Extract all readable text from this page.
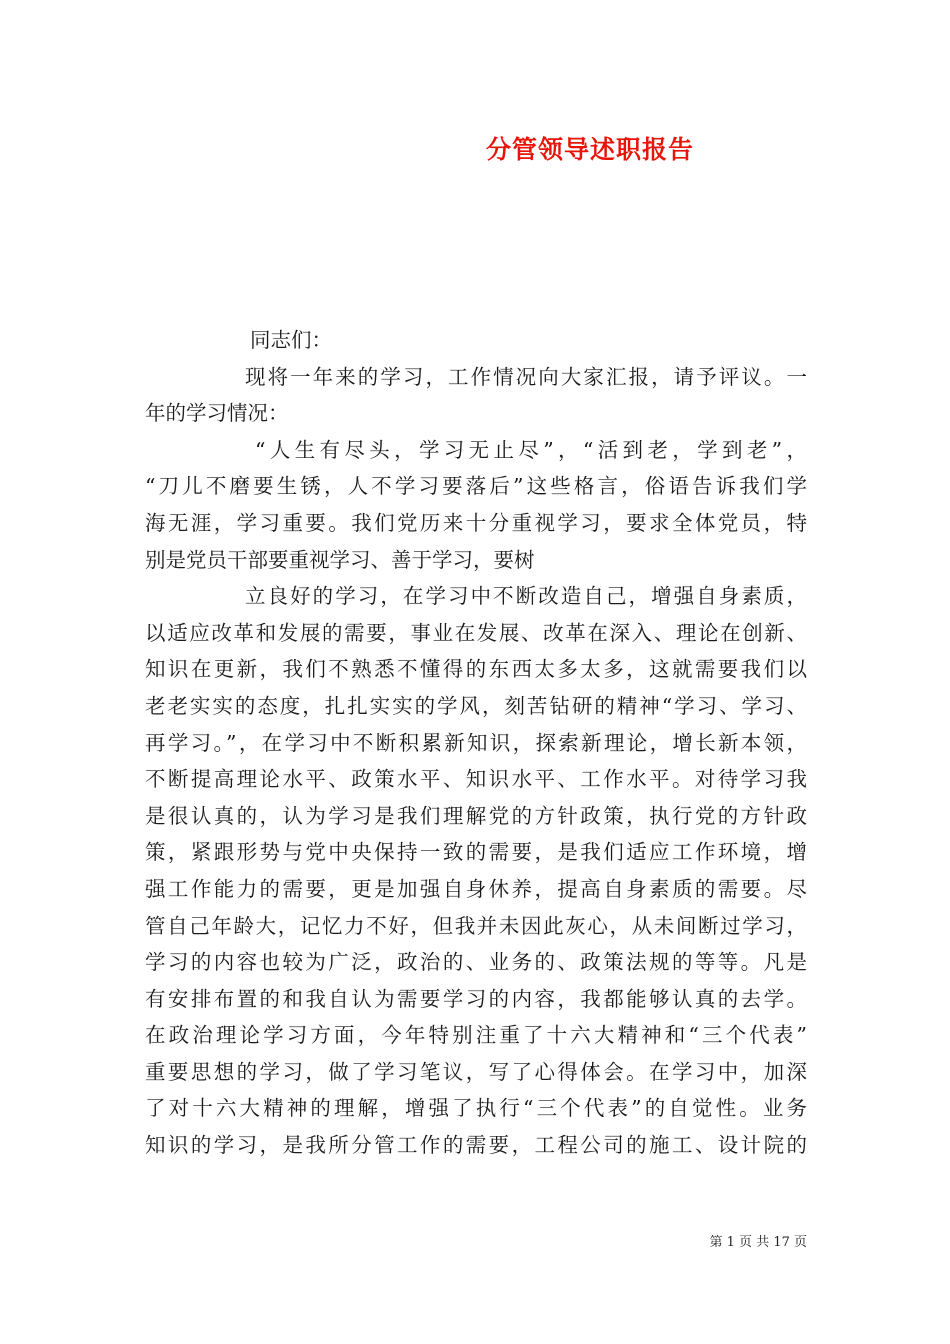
分管领导述职报告
同志们：
现将一年来的学习，工作情况向大家汇报，请予评议。一
年的学习情况：
“人生有尽头，学习无止尽”，“活到老，学到老”，
“刀儿不磨要生锈，人不学习要落后”这些格言，俗语告诉我们学
海无涯，学习重要。我们党历来十分重视学习，要求全体党员，特
别是党员干部要重视学习、善于学习，要树
立良好的学习，在学习中不断改造自己，增强自身素质，
以适应改革和发展的需要，事业在发展、改革在深入、理论在创新、
知识在更新，我们不熟悉不懂得的东西太多太多，这就需要我们以
老老实实的态度，扎扎实实的学风，刻苦钻研的精神“学习、学习、
再学习。”，在学习中不断积累新知识，探索新理论，增长新本领，
不断提高理论水平、政策水平、知识水平、工作水平。对待学习我
是很认真的，认为学习是我们理解党的方针政策，执行党的方针政
策，紧跟形势与党中央保持一致的需要，是我们适应工作环境，增
强工作能力的需要，更是加强自身休养，提高自身素质的需要。尽
管自己年龄大，记忆力不好，但我并未因此灰心，从未间断过学习，
学习的内容也较为广泛，政治的、业务的、政策法规的等等。凡是
有安排布置的和我自认为需要学习的内容，我都能够认真的去学。
在政治理论学习方面，今年特别注重了十六大精神和“三个代表”
重要思想的学习，做了学习笔议，写了心得体会。在学习中，加深
了对十六大精神的理解，增强了执行“三个代表”的自觉性。业务
知识的学习，是我所分管工作的需要，工程公司的施工、设计院的
第 1 页 共 17 页
